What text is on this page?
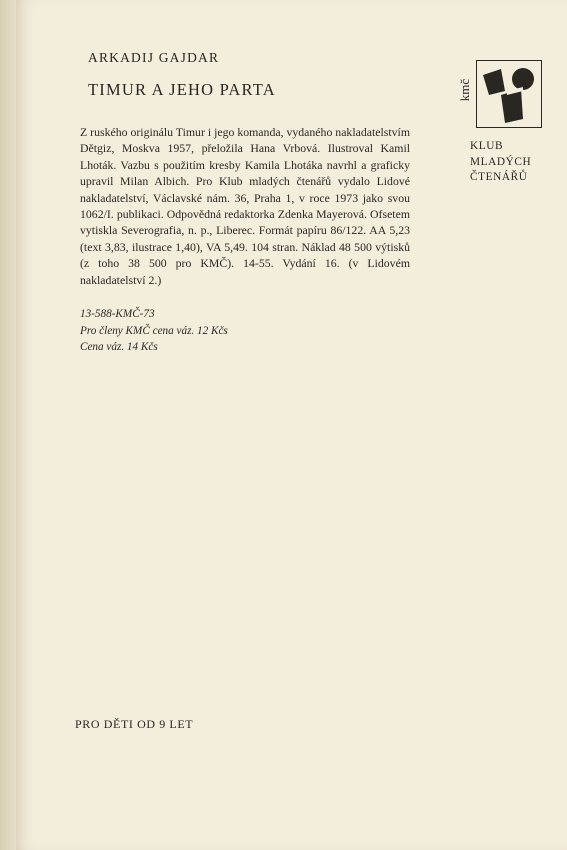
ARKADIJ GAJDAR
TIMUR A JEHO PARTA

Z ruského originálu Timur i jego komanda, vydaného nakladatelstvím Dětgiz, Moskva 1957, přeložila Hana Vrbová. Ilustroval Kamil Lhoták. Vazbu s použitím kresby Kamila Lhotáka navrhl a graficky upravil Milan Albich. Pro Klub mladých čtenářů vydalo Lidové nakladatelství, Václavské nám. 36, Praha 1, v roce 1973 jako svou 1062/I. publikaci. Odpovědná redaktorka Zdenka Mayerová. Ofsetem vytiskla Severografia, n. p., Liberec. Formát papíru 86/122. AA 5,23 (text 3,83, ilustrace 1,40), VA 5,49. 104 stran. Náklad 48 500 výtisků (z toho 38 500 pro KMČ). 14-55. Vydání 16. (v Lidovém nakladatelství 2.)

13-588-KMČ-73
Pro členy KMČ cena váz. 12 Kčs
Cena váz. 14 Kčs

PRO DĚTI OD 9 LET

kmč
KLUB
MLADÝCH
ČTENÁŘŮ
